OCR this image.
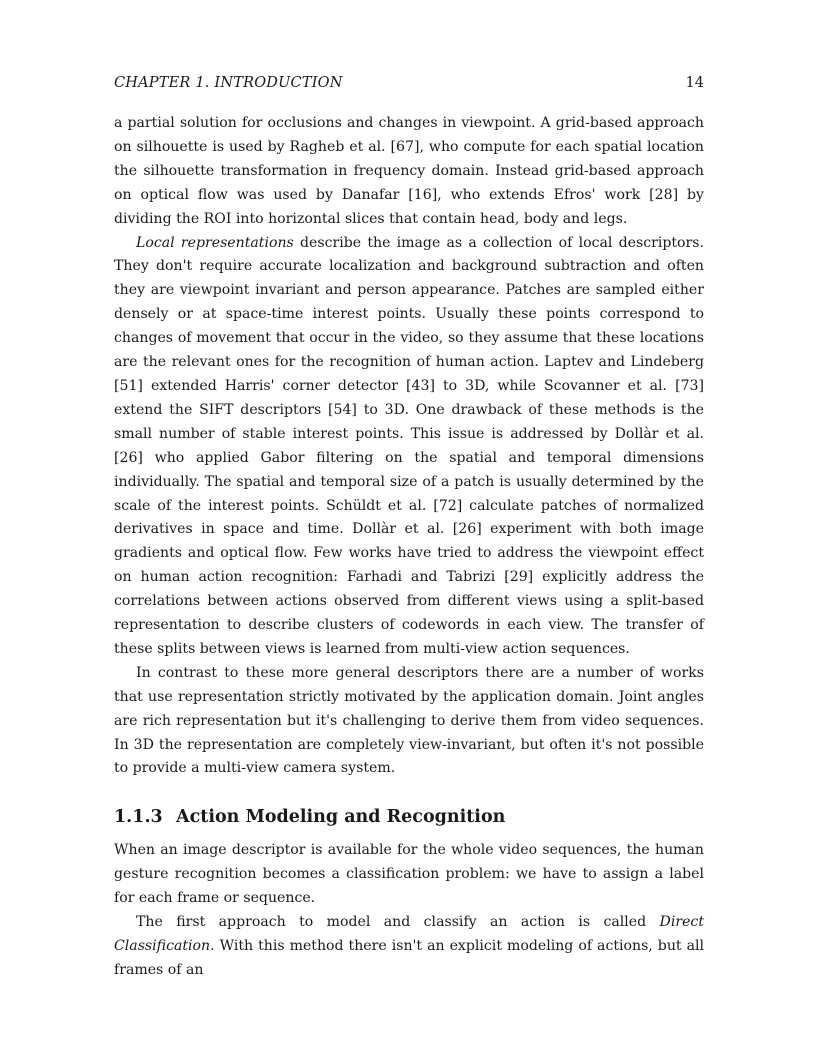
CHAPTER 1. INTRODUCTION	14

a partial solution for occlusions and changes in viewpoint. A grid-based approach on silhouette is used by Ragheb et al. [67], who compute for each spatial location the silhouette transformation in frequency domain. Instead grid-based approach on optical flow was used by Danafar [16], who extends Efros' work [28] by dividing the ROI into horizontal slices that contain head, body and legs.

Local representations describe the image as a collection of local descriptors. They don't require accurate localization and background subtraction and often they are viewpoint invariant and person appearance. Patches are sampled either densely or at space-time interest points. Usually these points correspond to changes of movement that occur in the video, so they assume that these locations are the relevant ones for the recognition of human action. Laptev and Lindeberg [51] extended Harris' corner detector [43] to 3D, while Scovanner et al. [73] extend the SIFT descriptors [54] to 3D. One drawback of these methods is the small number of stable interest points. This issue is addressed by Dollàr et al. [26] who applied Gabor filtering on the spatial and temporal dimensions individually. The spatial and temporal size of a patch is usually determined by the scale of the interest points. Schüldt et al. [72] calculate patches of normalized derivatives in space and time. Dollàr et al. [26] experiment with both image gradients and optical flow. Few works have tried to address the viewpoint effect on human action recognition: Farhadi and Tabrizi [29] explicitly address the correlations between actions observed from different views using a split-based representation to describe clusters of codewords in each view. The transfer of these splits between views is learned from multi-view action sequences.

In contrast to these more general descriptors there are a number of works that use representation strictly motivated by the application domain. Joint angles are rich representation but it's challenging to derive them from video sequences. In 3D the representation are completely view-invariant, but often it's not possible to provide a multi-view camera system.

1.1.3 Action Modeling and Recognition

When an image descriptor is available for the whole video sequences, the human gesture recognition becomes a classification problem: we have to assign a label for each frame or sequence.

The first approach to model and classify an action is called Direct Classification. With this method there isn't an explicit modeling of actions, but all frames of an
